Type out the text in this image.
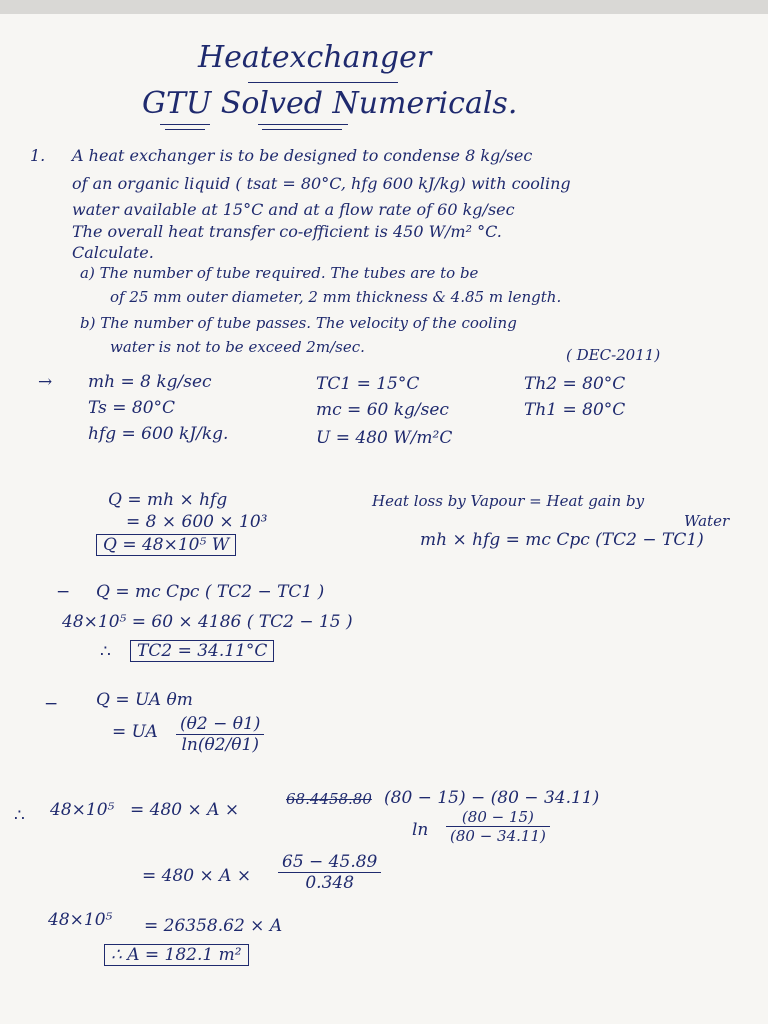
Heatexchanger
GTU Solved Numericals.
1. A heat exchanger is to be designed to condense 8 kg/sec
of an organic liquid ( tsat = 80°C, hfg 600 kJ/kg) with cooling
water available at 15°C and at a flow rate of 60 kg/sec
The overall heat transfer co-efficient is 450 W/m² °C.
Calculate.
a) The number of tube required. The tubes are to be
of 25 mm outer diameter, 2 mm thickness & 4.85 m length.
b) The number of tube passes. The velocity of the cooling
water is not to be exceed 2m/sec.	( DEC-2011)
→ mh = 8 kg/sec
Ts = 80°C
hfg = 600 kJ/kg.
TC1 = 15°C
mc = 60 kg/sec
U = 480 W/m²C
Th2 = 80°C
Th1 = 80°C
Q = mh × hfg
= 8 × 600 × 10³
Q = 48×10⁵ W
Heat loss by Vapour = Heat gain by
Water
mh × hfg = mc Cpc (TC2 − TC1)
− Q = mc Cpc ( TC2 − TC1 )
48×10⁵ = 60 × 4186 ( TC2 − 15 )
∴	TC2 = 34.11°C
− Q = UA θm
= UA $\frac{(\theta 2 - \theta 1)}{\ln(\theta 2/\theta 1)}$
∴ 48×10⁵ = 480 × A ×
68.4458.80 (80 − 15) − (80 − 34.11)
$\ln \frac{(80 - 15)}{(80 - 34.11)}$
= $480 \times A \times \frac{65 - 45.89}{0.348}$
48×10⁵ = 26358.62 × A
∴ A = 182.1 m²
